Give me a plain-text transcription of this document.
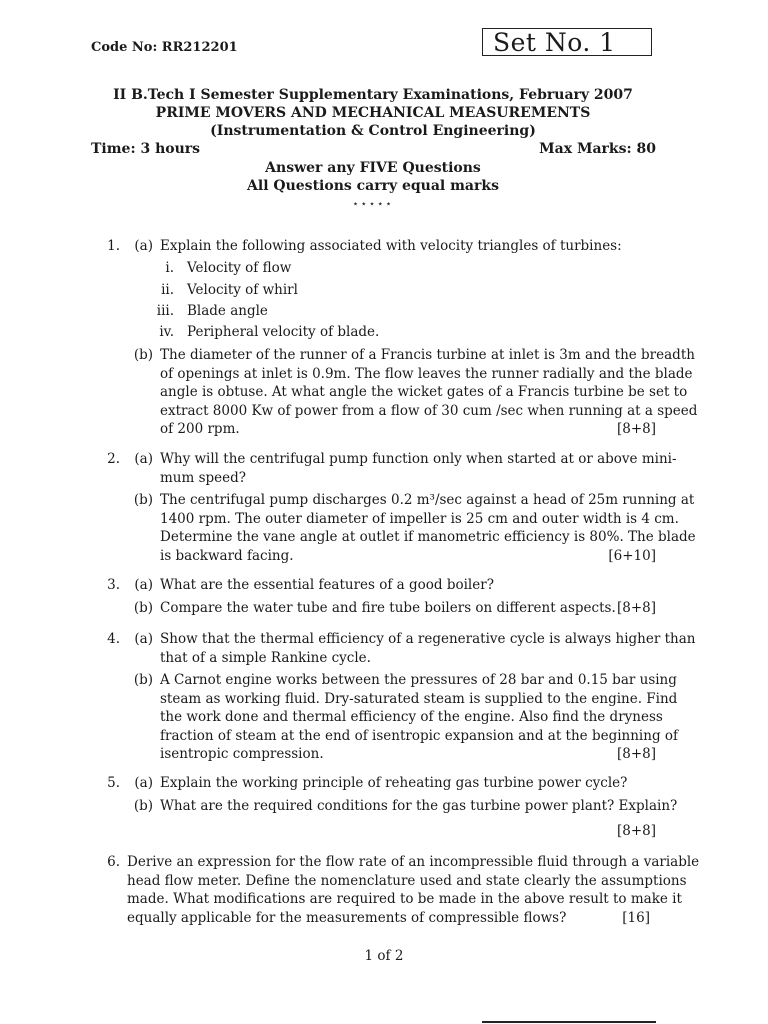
Code No: RR212201	Set No. 1
II B.Tech I Semester Supplementary Examinations, February 2007
PRIME MOVERS AND MECHANICAL MEASUREMENTS
(Instrumentation & Control Engineering)
Time: 3 hours	Max Marks: 80
Answer any FIVE Questions
All Questions carry equal marks
⋆⋆⋆⋆⋆
1.	(a) Explain the following associated with velocity triangles of turbines:
i. Velocity of flow
ii. Velocity of whirl
iii. Blade angle
iv. Peripheral velocity of blade.
(b) The diameter of the runner of a Francis turbine at inlet is 3m and the breadth
of openings at inlet is 0.9m. The flow leaves the runner radially and the blade
angle is obtuse. At what angle the wicket gates of a Francis turbine be set to
extract 8000 Kw of power from a flow of 30 cum /sec when running at a speed
of 200 rpm.	[8+8]
2.	(a) Why will the centrifugal pump function only when started at or above mini-
mum speed?
(b) The centrifugal pump discharges 0.2 m³/sec against a head of 25m running at
1400 rpm. The outer diameter of impeller is 25 cm and outer width is 4 cm.
Determine the vane angle at outlet if manometric efficiency is 80%. The blade
is backward facing.	[6+10]
3.	(a) What are the essential features of a good boiler?
(b) Compare the water tube and fire tube boilers on different aspects. [8+8]
4.	(a) Show that the thermal efficiency of a regenerative cycle is always higher than
that of a simple Rankine cycle.
(b) A Carnot engine works between the pressures of 28 bar and 0.15 bar using
steam as working fluid. Dry-saturated steam is supplied to the engine. Find
the work done and thermal efficiency of the engine. Also find the dryness
fraction of steam at the end of isentropic expansion and at the beginning of
isentropic compression.	[8+8]
5.	(a) Explain the working principle of reheating gas turbine power cycle?
(b) What are the required conditions for the gas turbine power plant? Explain?
[8+8]
6. Derive an expression for the flow rate of an incompressible fluid through a variable
head flow meter. Define the nomenclature used and state clearly the assumptions
made. What modifications are required to be made in the above result to make it
equally applicable for the measurements of compressible flows?	[16]
1 of 2
